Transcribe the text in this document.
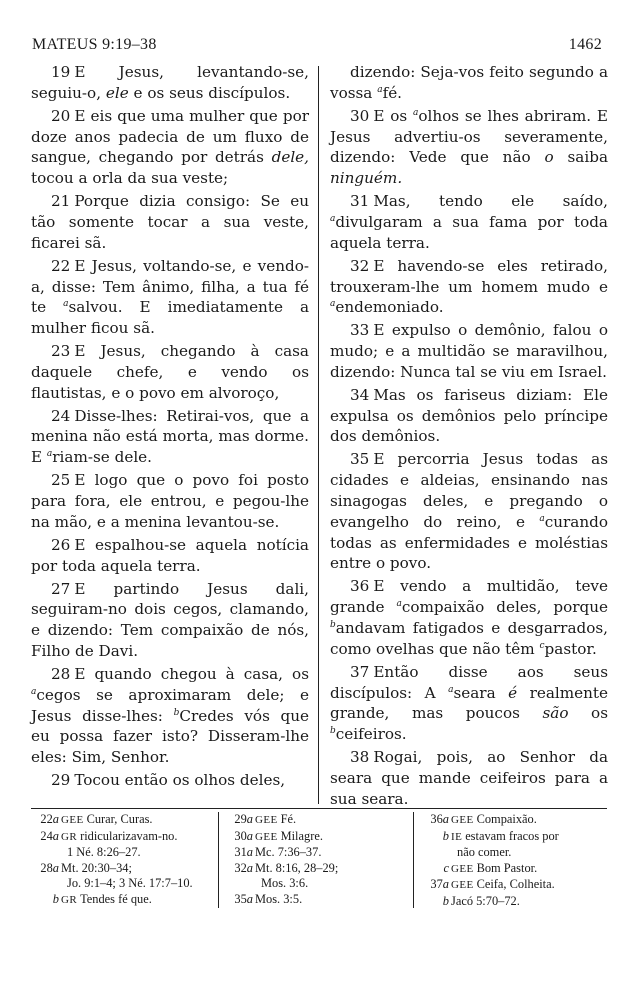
MATEUS 9:19–38	1462

19 E Jesus, levantando-se, seguiu-o, ele e os seus discípulos.

20 E eis que uma mulher que por doze anos padecia de um fluxo de sangue, chegando por detrás dele, tocou a orla da sua veste;

21 Porque dizia consigo: Se eu tão somente tocar a sua veste, ficarei sã.

22 E Jesus, voltando-se, e vendo-a, disse: Tem ânimo, filha, a tua fé te $^a$salvou. E imediatamente a mulher ficou sã.

23 E Jesus, chegando à casa daquele chefe, e vendo os flautistas, e o povo em alvoroço,

24 Disse-lhes: Retirai-vos, que a menina não está morta, mas dorme. E $^a$riam-se dele.

25 E logo que o povo foi posto para fora, ele entrou, e pegou-lhe na mão, e a menina levantou-se.

26 E espalhou-se aquela notícia por toda aquela terra.

27 E partindo Jesus dali, seguiram-no dois cegos, clamando, e dizendo: Tem compaixão de nós, Filho de Davi.

28 E quando chegou à casa, os $^a$cegos se aproximaram dele; e Jesus disse-lhes: $^b$Credes vós que eu possa fazer isto? Disseram-lhe eles: Sim, Senhor.

29 Tocou então os olhos deles,

dizendo: Seja-vos feito segundo a vossa $^a$fé.

30 E os $^a$olhos se lhes abriram. E Jesus advertiu-os severamente, dizendo: Vede que não o saiba ninguém.

31 Mas, tendo ele saído, $^a$divulgaram a sua fama por toda aquela terra.

32 E havendo-se eles retirado, trouxeram-lhe um homem mudo e $^a$endemoniado.

33 E expulso o demônio, falou o mudo; e a multidão se maravilhou, dizendo: Nunca tal se viu em Israel.

34 Mas os fariseus diziam: Ele expulsa os demônios pelo príncipe dos demônios.

35 E percorria Jesus todas as cidades e aldeias, ensinando nas sinagogas deles, e pregando o evangelho do reino, e $^a$curando todas as enfermidades e moléstias entre o povo.

36 E vendo a multidão, teve grande $^a$compaixão deles, porque $^b$andavam fatigados e desgarrados, como ovelhas que não têm $^c$pastor.

37 Então disse aos seus discípulos: A $^a$seara é realmente grande, mas poucos são os $^b$ceifeiros.

38 Rogai, pois, ao Senhor da seara que mande ceifeiros para a sua seara.

22a GEE Curar, Curas.
24a GR ridicularizavam-no.
1 Né. 8:26–27.
28a Mt. 20:30–34;
Jo. 9:1–4; 3 Né. 17:7–10.
b GR Tendes fé que.
29a GEE Fé.
30a GEE Milagre.
31a Mc. 7:36–37.
32a Mt. 8:16, 28–29;
Mos. 3:6.
35a Mos. 3:5.
36a GEE Compaixão.
b IE estavam fracos por
não comer.
c GEE Bom Pastor.
37a GEE Ceifa, Colheita.
b Jacó 5:70–72.
